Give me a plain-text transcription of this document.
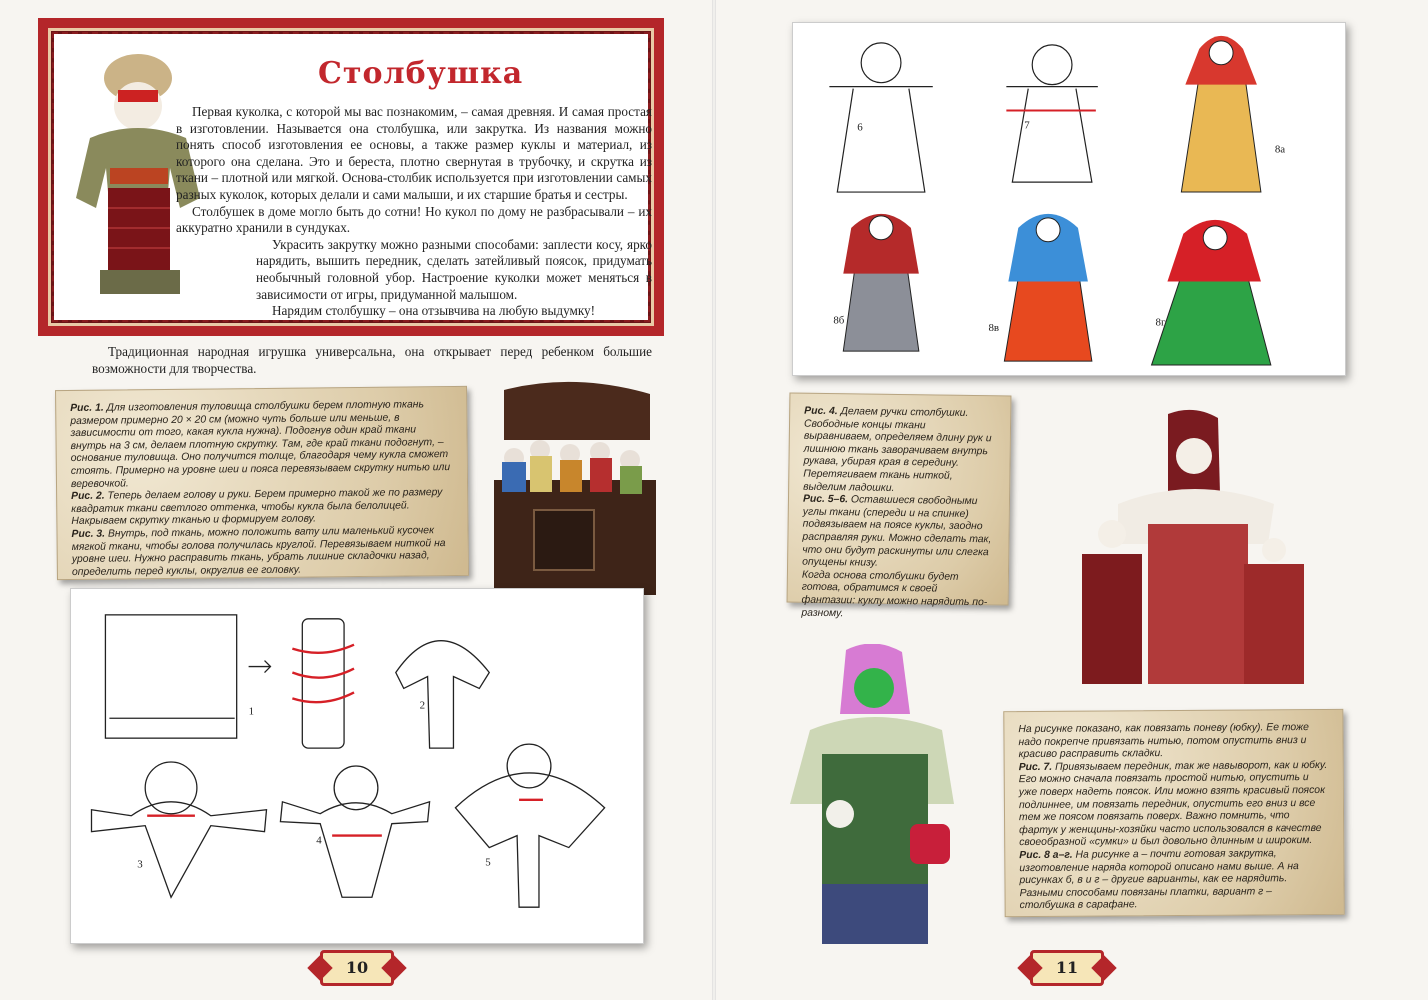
Столбушка

Первая куколка, с которой мы вас познакомим, – самая древняя. И самая простая в изготовлении. Называется она столбушка, или закрутка. Из названия можно понять способ изготовления ее основы, а также размер куклы и материал, из которого она сделана. Это и береста, плотно свернутая в трубочку, и скрутка из ткани – плотной или мягкой. Основа-столбик используется при изготовлении самых разных куколок, которых делали и сами малыши, и их старшие братья и сестры.

Столбушек в доме могло быть до сотни! Но кукол по дому не разбрасывали – их аккуратно хранили в сундуках.

Украсить закрутку можно разными способами: заплести косу, ярко нарядить, вышить передник, сделать затейливый поясок, придумать необычный головной убор. Настроение куколки может меняться в зависимости от игры, придуманной малышом.

Нарядим столбушку – она отзывчива на любую выдумку!

Традиционная народная игрушка универсальна, она открывает перед ребенком большие возможности для творчества.
Рис. 1. Для изготовления туловища столбушки берем плотную ткань размером примерно 20 × 20 см (можно чуть больше или меньше, в зависимости от того, какая кукла нужна). Подогнув один край ткани внутрь на 3 см, делаем плотную скрутку. Там, где край ткани подогнут, – основание туловища. Оно получится толще, благодаря чему кукла сможет стоять. Примерно на уровне шеи и пояса перевязываем скрутку нитью или веревочкой.
Рис. 2. Теперь делаем голову и руки. Берем примерно такой же по размеру квадратик ткани светлого оттенка, чтобы кукла была белолицей. Накрываем скрутку тканью и формируем голову.
Рис. 3. Внутрь, под ткань, можно положить вату или маленький кусочек мягкой ткани, чтобы голова получилась круглой. Перевязываем ниткой на уровне шеи. Нужно расправить ткань, убрать лишние складочки назад, определить перед куклы, округлив ее головку.
1	2
3
4
5
10
6	7
8а
8б
8в	8г
Рис. 4. Делаем ручки столбушки. Свободные концы ткани выравниваем, определяем длину рук и лишнюю ткань заворачиваем внутрь рукава, убирая края в середину. Перетягиваем ткань ниткой, выделим ладошки.
Рис. 5–6. Оставшиеся свободными углы ткани (спереди и на спинке) подвязываем на поясе куклы, заодно расправляя руки. Можно сделать так, что они будут раскинуты или слегка опущены книзу.
Когда основа столбушки будет готова, обратимся к своей фантазии: куклу можно нарядить по-разному.
На рисунке показано, как повязать поневу (юбку). Ее тоже надо покрепче привязать нитью, потом опустить вниз и красиво расправить складки.
Рис. 7. Привязываем передник, так же навыворот, как и юбку. Его можно сначала повязать простой нитью, опустить и уже поверх надеть поясок. Или можно взять красивый поясок подлиннее, им повязать передник, опустить его вниз и все тем же поясом повязать поверх. Важно помнить, что фартук у женщины-хозяйки часто использовался в качестве своеобразной «сумки» и был довольно длинным и широким.
Рис. 8 а–г. На рисунке а – почти готовая закрутка, изготовление наряда которой описано нами выше. А на рисунках б, в и г – другие варианты, как ее нарядить. Разными способами повязаны платки, вариант г – столбушка в сарафане.
11
